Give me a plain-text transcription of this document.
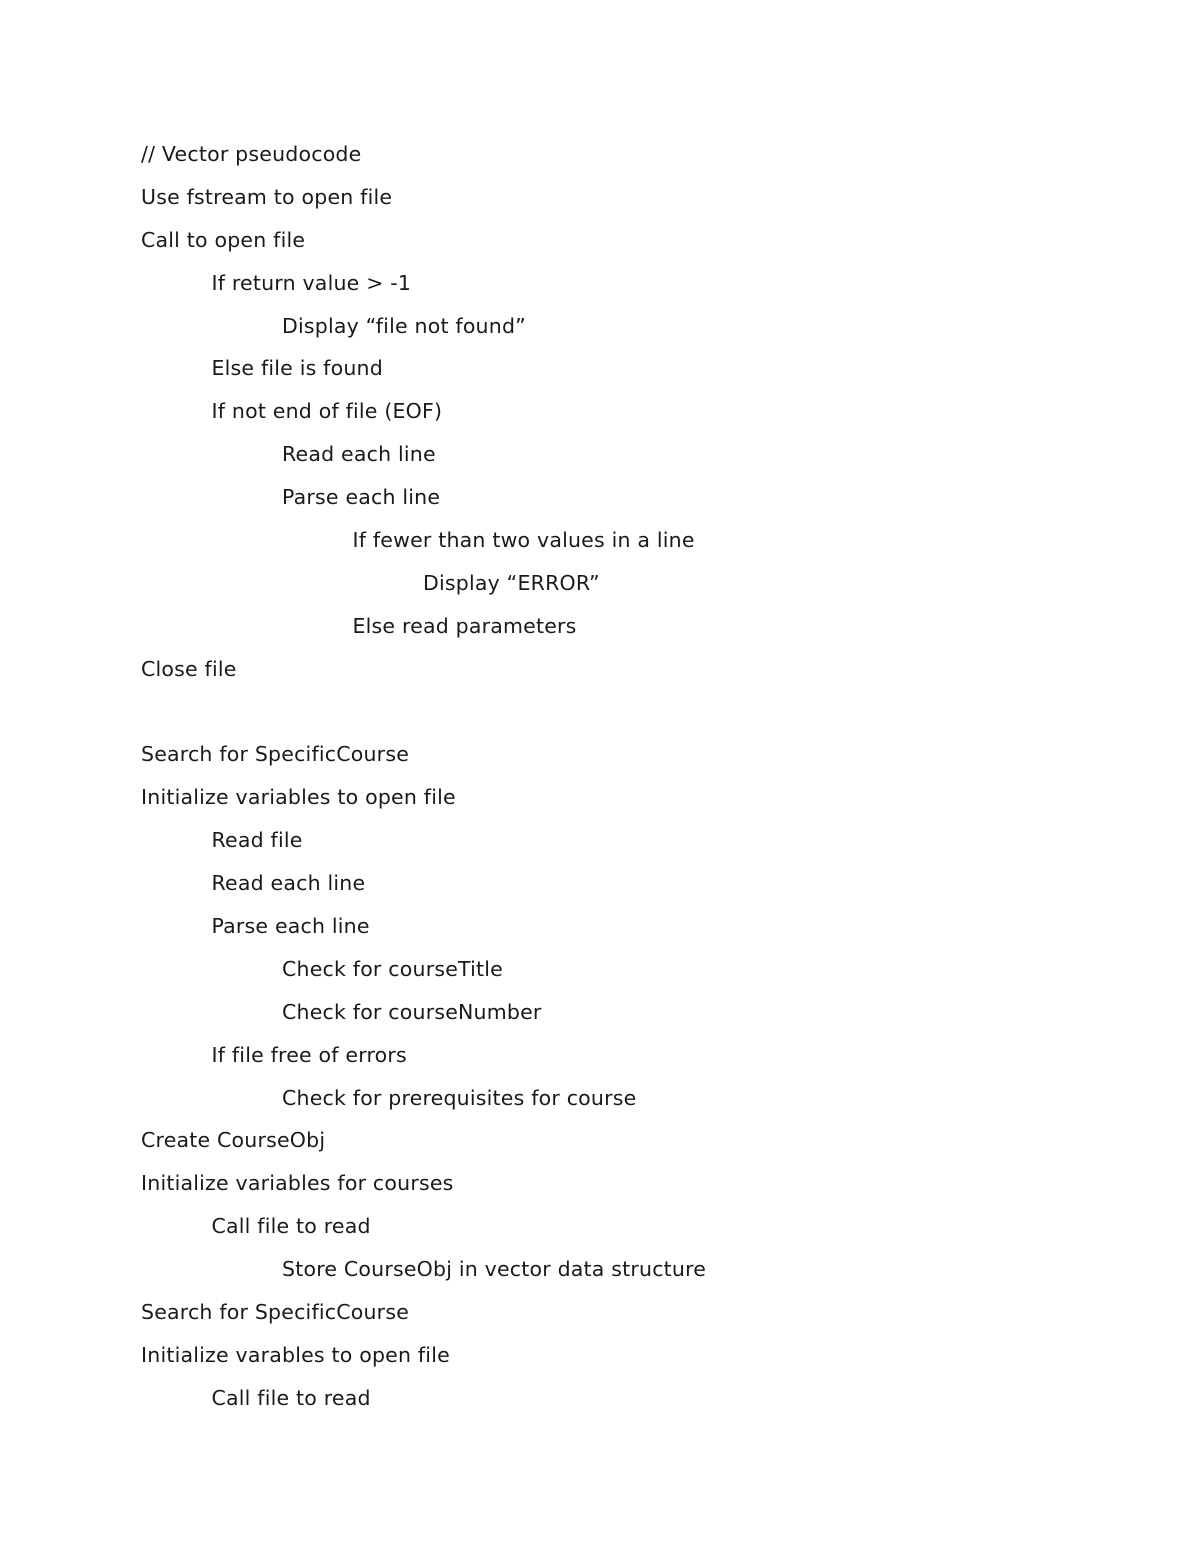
// Vector pseudocode
Use fstream to open file
Call to open file
If return value > -1
Display “file not found”
Else file is found
If not end of file (EOF)
Read each line
Parse each line
If fewer than two values in a line
Display “ERROR”
Else read parameters
Close file
Search for SpecificCourse
Initialize variables to open file
Read file
Read each line
Parse each line
Check for courseTitle
Check for courseNumber
If file free of errors
Check for prerequisites for course
Create CourseObj
Initialize variables for courses
Call file to read
Store CourseObj in vector data structure
Search for SpecificCourse
Initialize varables to open file
Call file to read
